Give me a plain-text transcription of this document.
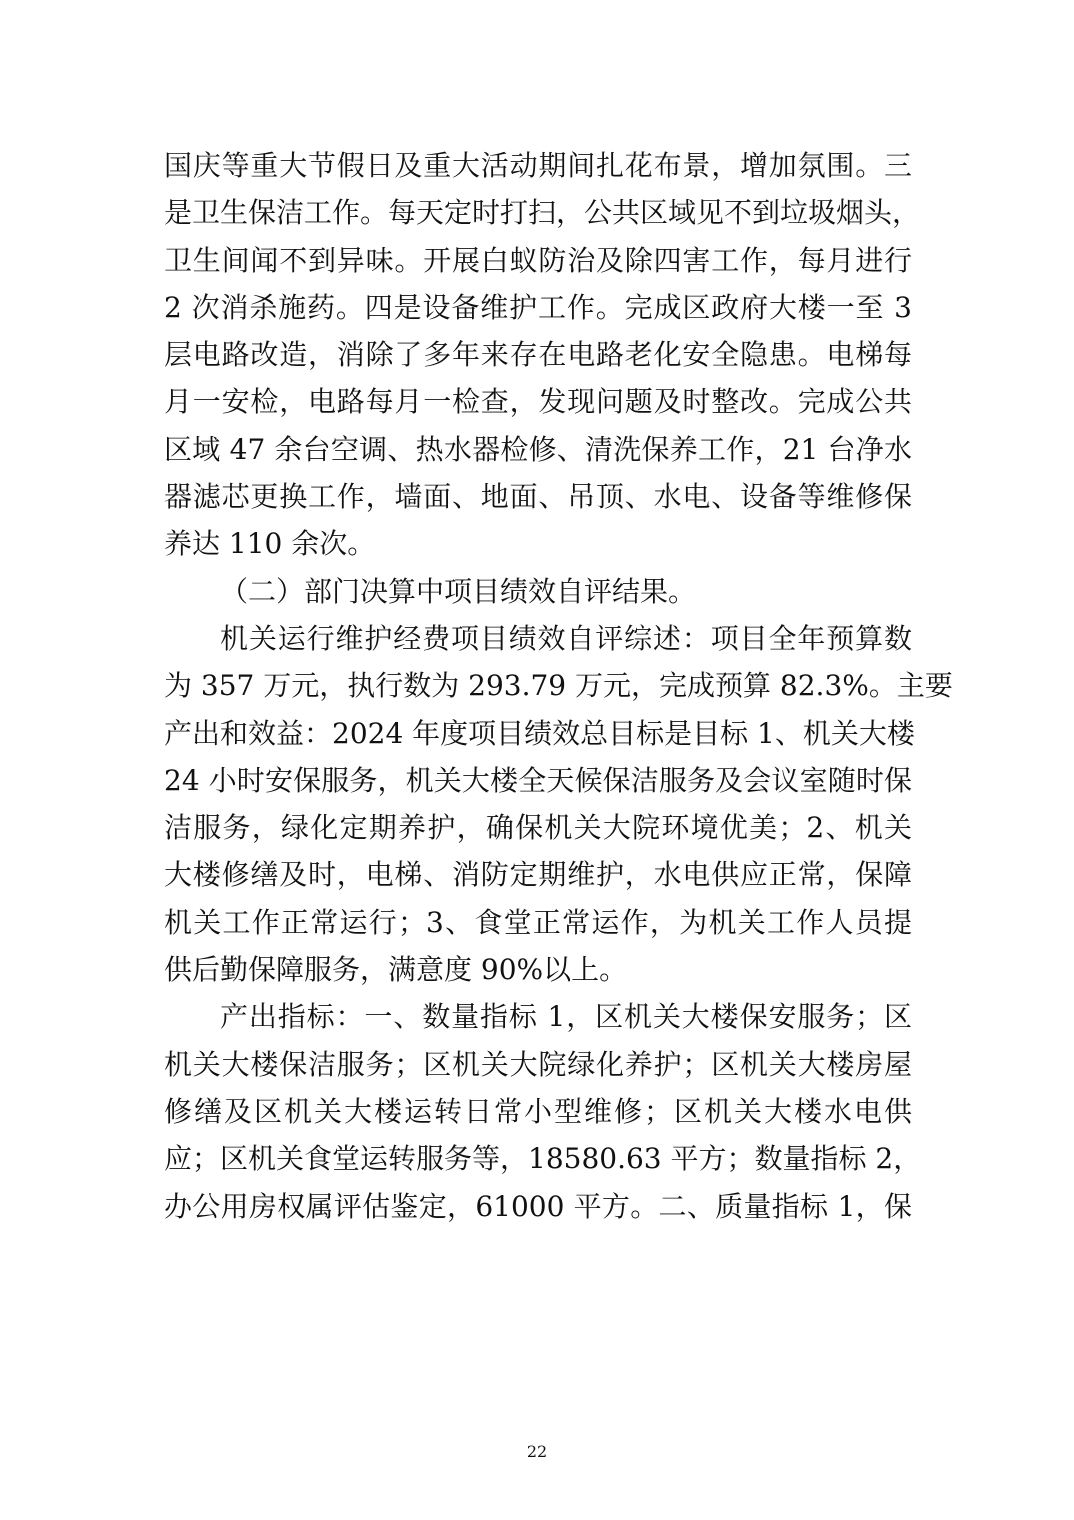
国庆等重大节假日及重大活动期间扎花布景，增加氛围。三
是卫生保洁工作。每天定时打扫，公共区域见不到垃圾烟头，
卫生间闻不到异味。开展白蚁防治及除四害工作，每月进行
2 次消杀施药。四是设备维护工作。完成区政府大楼一至 3
层电路改造，消除了多年来存在电路老化安全隐患。电梯每
月一安检，电路每月一检查，发现问题及时整改。完成公共
区域 47 余台空调、热水器检修、清洗保养工作，21 台净水
器滤芯更换工作，墙面、地面、吊顶、水电、设备等维修保
养达 110 余次。
（二）部门决算中项目绩效自评结果。
机关运行维护经费项目绩效自评综述：项目全年预算数
为 357 万元，执行数为 293.79 万元，完成预算 82.3%。主要
产出和效益：2024 年度项目绩效总目标是目标 1、机关大楼
24 小时安保服务，机关大楼全天候保洁服务及会议室随时保
洁服务，绿化定期养护，确保机关大院环境优美；2、机关
大楼修缮及时，电梯、消防定期维护，水电供应正常，保障
机关工作正常运行；3、食堂正常运作，为机关工作人员提
供后勤保障服务，满意度 90%以上。
产出指标：一、数量指标 1，区机关大楼保安服务；区
机关大楼保洁服务；区机关大院绿化养护；区机关大楼房屋
修缮及区机关大楼运转日常小型维修；区机关大楼水电供
应；区机关食堂运转服务等，18580.63 平方；数量指标 2，
办公用房权属评估鉴定，61000 平方。二、质量指标 1，保
22
